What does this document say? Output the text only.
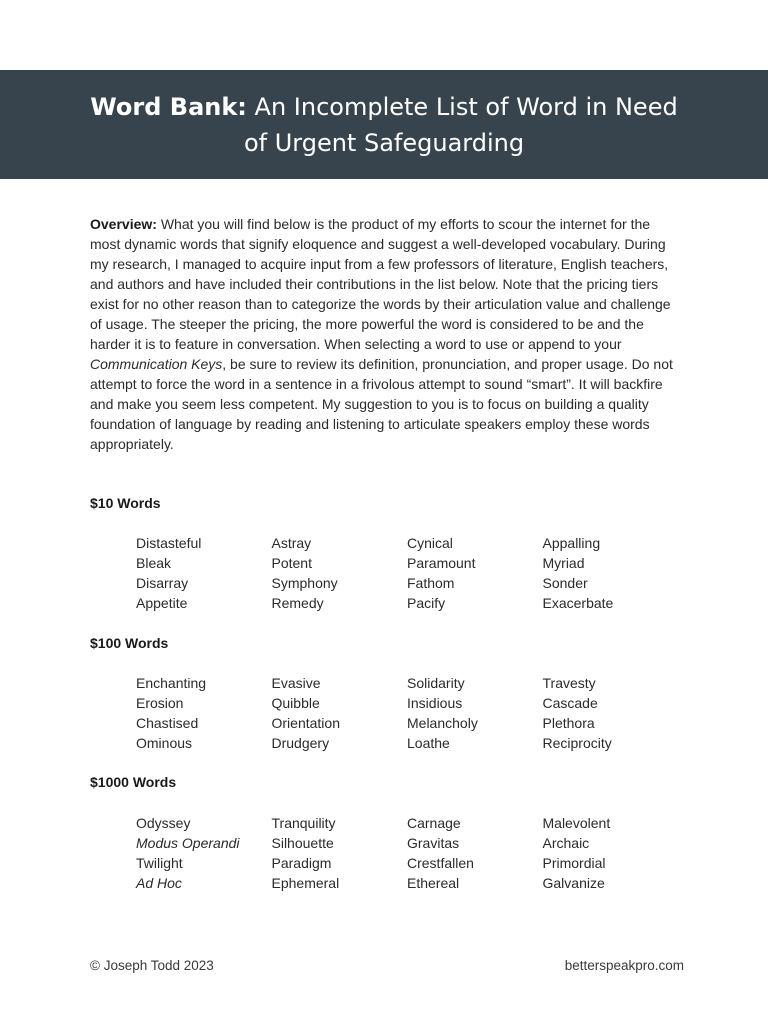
Word Bank: An Incomplete List of Word in Need of Urgent Safeguarding

Overview: What you will find below is the product of my efforts to scour the internet for the most dynamic words that signify eloquence and suggest a well-developed vocabulary. During my research, I managed to acquire input from a few professors of literature, English teachers, and authors and have included their contributions in the list below. Note that the pricing tiers exist for no other reason than to categorize the words by their articulation value and challenge of usage. The steeper the pricing, the more powerful the word is considered to be and the harder it is to feature in conversation. When selecting a word to use or append to your Communication Keys, be sure to review its definition, pronunciation, and proper usage. Do not attempt to force the word in a sentence in a frivolous attempt to sound “smart”. It will backfire and make you seem less competent. My suggestion to you is to focus on building a quality foundation of language by reading and listening to articulate speakers employ these words appropriately.

$10 Words
Distasteful	Astray	Cynical	Appalling
Bleak	Potent	Paramount	Myriad
Disarray	Symphony	Fathom	Sonder
Appetite	Remedy	Pacify	Exacerbate
$100 Words
Enchanting	Evasive	Solidarity	Travesty
Erosion	Quibble	Insidious	Cascade
Chastised	Orientation	Melancholy	Plethora
Ominous	Drudgery	Loathe	Reciprocity
$1000 Words
Odyssey	Tranquility	Carnage	Malevolent
Modus Operandi	Silhouette	Gravitas	Archaic
Twilight	Paradigm	Crestfallen	Primordial
Ad Hoc	Ephemeral	Ethereal	Galvanize
© Joseph Todd 2023	betterspeakpro.com
